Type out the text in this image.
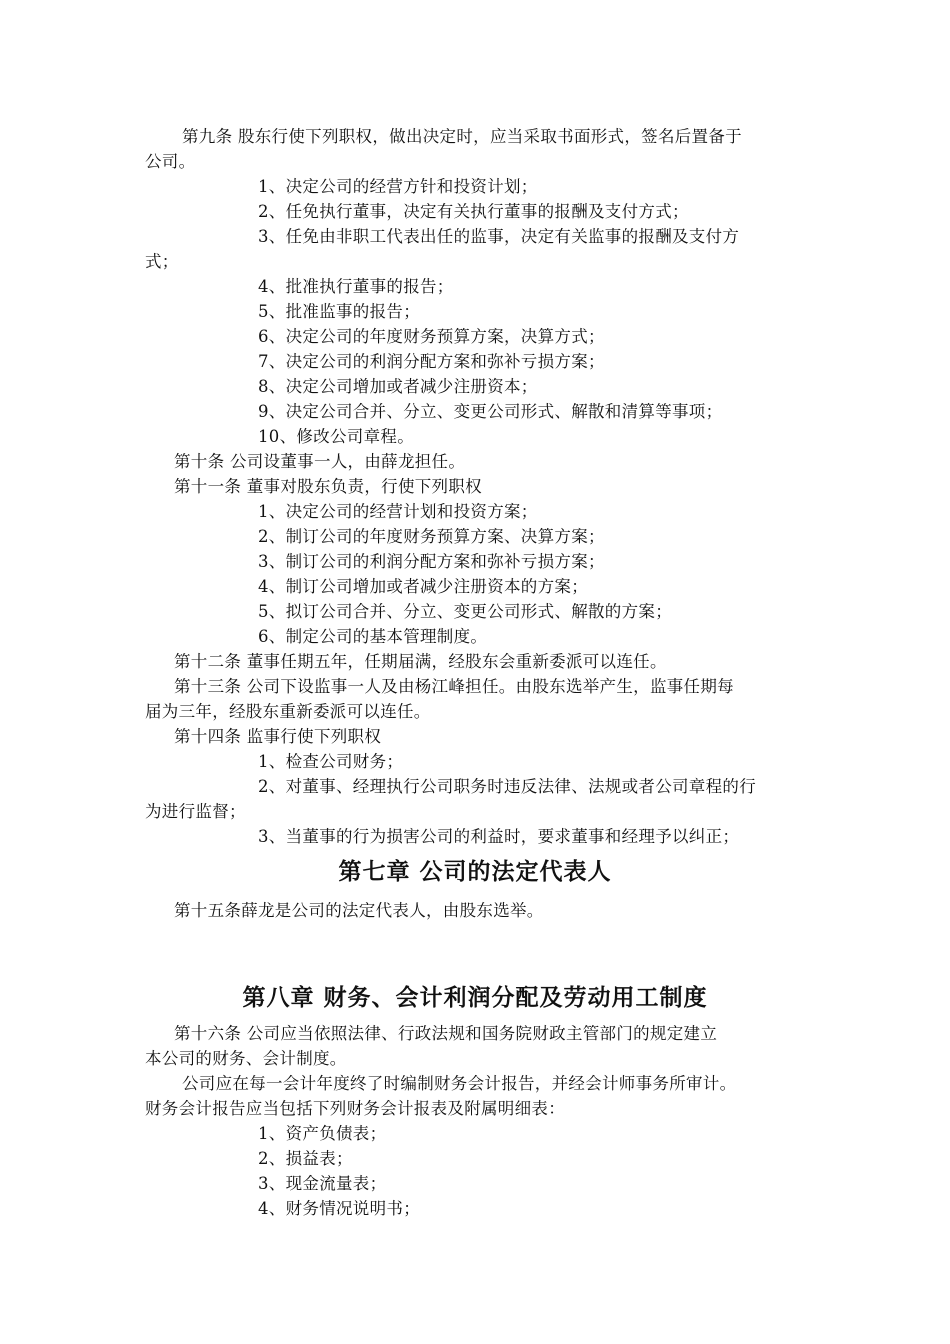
第九条 股东行使下列职权，做出决定时，应当采取书面形式，签名后置备于
公司。
1、决定公司的经营方针和投资计划；
2、任免执行董事，决定有关执行董事的报酬及支付方式；
3、任免由非职工代表出任的监事，决定有关监事的报酬及支付方
式；
4、批准执行董事的报告；
5、批准监事的报告；
6、决定公司的年度财务预算方案，决算方式；
7、决定公司的利润分配方案和弥补亏损方案；
8、决定公司增加或者减少注册资本；
9、决定公司合并、分立、变更公司形式、解散和清算等事项；
10、修改公司章程。
第十条 公司设董事一人，由薛龙担任。
第十一条 董事对股东负责，行使下列职权
1、决定公司的经营计划和投资方案；
2、制订公司的年度财务预算方案、决算方案；
3、制订公司的利润分配方案和弥补亏损方案；
4、制订公司增加或者减少注册资本的方案；
5、拟订公司合并、分立、变更公司形式、解散的方案；
6、制定公司的基本管理制度。
第十二条 董事任期五年，任期届满，经股东会重新委派可以连任。
第十三条 公司下设监事一人及由杨江峰担任。由股东选举产生，监事任期每
届为三年，经股东重新委派可以连任。
第十四条 监事行使下列职权
1、检查公司财务；
2、对董事、经理执行公司职务时违反法律、法规或者公司章程的行
为进行监督；
3、当董事的行为损害公司的利益时，要求董事和经理予以纠正；
第七章 公司的法定代表人
第十五条薛龙是公司的法定代表人，由股东选举。
第八章 财务、会计利润分配及劳动用工制度
第十六条 公司应当依照法律、行政法规和国务院财政主管部门的规定建立
本公司的财务、会计制度。
公司应在每一会计年度终了时编制财务会计报告，并经会计师事务所审计。
财务会计报告应当包括下列财务会计报表及附属明细表：
1、资产负债表；
2、损益表；
3、现金流量表；
4、财务情况说明书；
